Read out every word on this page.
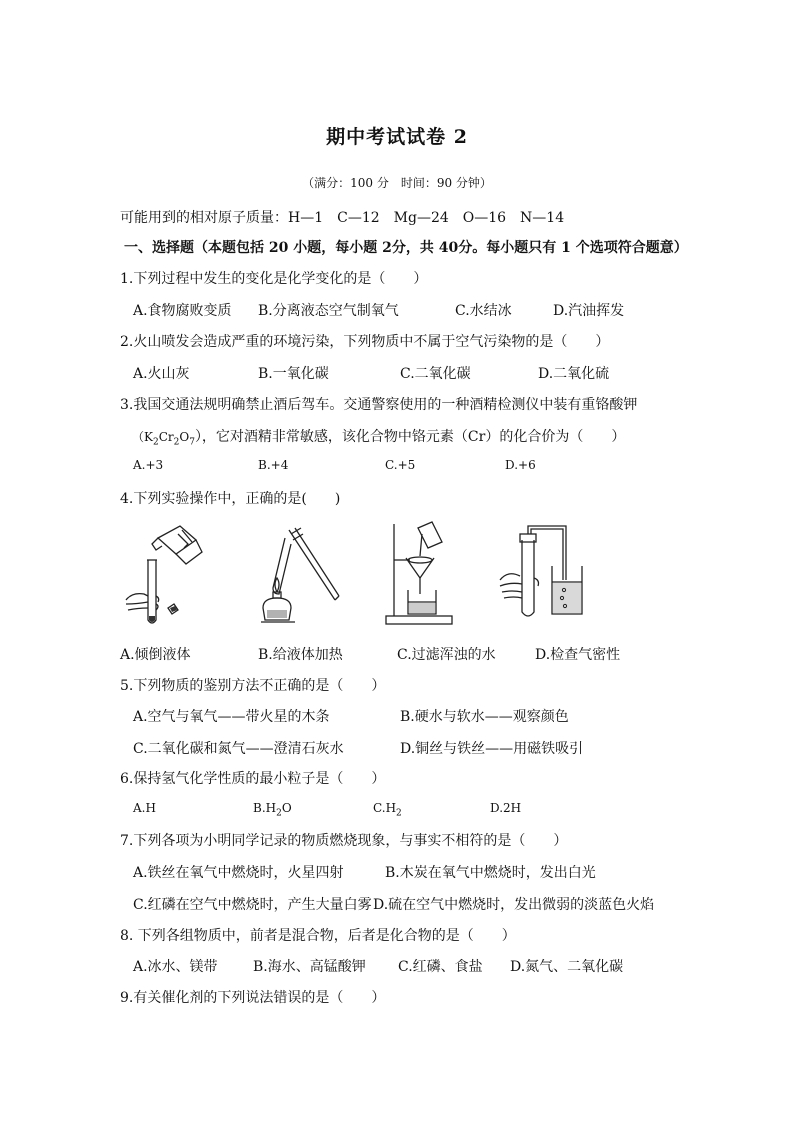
期中考试试卷 2
（满分：100 分　时间：90 分钟）
可能用到的相对原子质量：H—1　C—12　Mg—24　O—16　N—14
一、选择题（本题包括 20 小题，每小题 2分，共 40分。每小题只有 1 个选项符合题意）
1.下列过程中发生的变化是化学变化的是（　　）
A.食物腐败变质 B.分离液态空气制氧气	C.水结冰	D.汽油挥发
2.火山喷发会造成严重的环境污染，下列物质中不属于空气污染物的是（　　）
A.火山灰	B.一氧化碳	C.二氧化碳	D.二氧化硫
3.我国交通法规明确禁止酒后驾车。交通警察使用的一种酒精检测仪中装有重铬酸钾
$(K_2Cr_2O_7)$，它对酒精非常敏感，该化合物中铬元素（Cr）的化合价为（　　）
A.+3	B.+4	C.+5	D.+6
4.下列实验操作中，正确的是(　　)
A.倾倒液体	B.给液体加热	C.过滤浑浊的水	D.检查气密性
5.下列物质的鉴别方法不正确的是（　　）
A.空气与氧气——带火星的木条	B.硬水与软水——观察颜色
C.二氧化碳和氮气——澄清石灰水	D.铜丝与铁丝——用磁铁吸引
6.保持氢气化学性质的最小粒子是（　　）
A.H	$B.H_2O$	$C.H_2$	D.2H
7.下列各项为小明同学记录的物质燃烧现象，与事实不相符的是（　　）
A.铁丝在氧气中燃烧时，火星四射	B.木炭在氧气中燃烧时，发出白光
C.红磷在空气中燃烧时，产生大量白雾 D.硫在空气中燃烧时，发出微弱的淡蓝色火焰
8. 下列各组物质中，前者是混合物，后者是化合物的是（　　）
A.冰水、镁带	B.海水、高锰酸钾 C.红磷、食盐 D.氮气、二氧化碳
9.有关催化剂的下列说法错误的是（　　）
